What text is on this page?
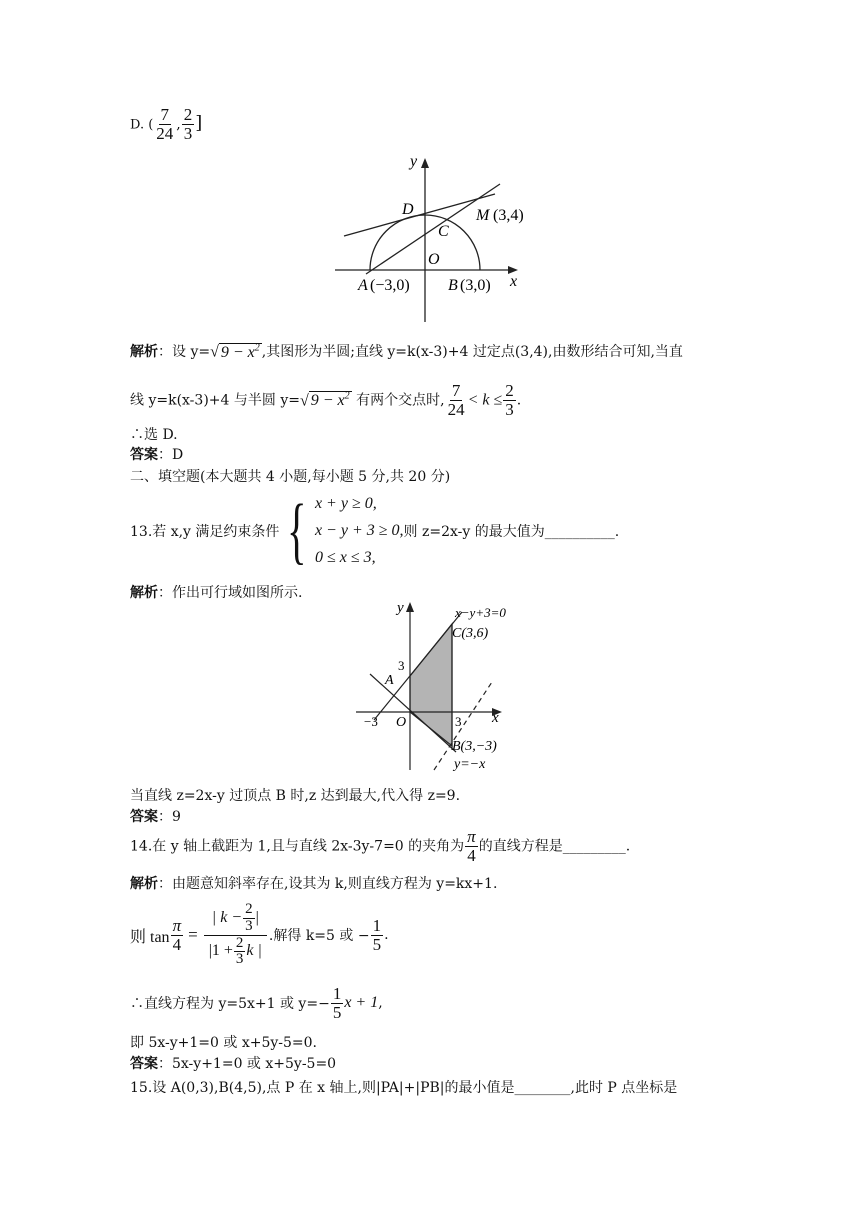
D. ( $\frac{7}{24}$ , $\frac{2}{3}$ ]
y
x
D	M (3,4)
C
O
A (−3,0) B (3,0)
解析：设 y=√ $9 - x^2$ ,其图形为半圆;直线 y=k(x-3)+4 过定点(3,4),由数形结合可知,当直
线 y=k(x-3)+4 与半圆 y=√ $9 - x^2$ 有两个交点时, $\frac{7}{24} < k \le \frac{2}{3}$ .
∴选 D.
答案：D
二、填空题(本大题共 4 小题,每小题 5 分,共 20 分)
13.若 x,y 满足约束条件 { x + y ≥ 0,
x − y + 3 ≥ 0,
0 ≤ x ≤ 3,
则 z=2x-y 的最大值为__________.
解析：作出可行域如图所示.
y
x
x−y+3=0
C(3,6)
A
3
−3 O	3
B(3,−3)
y=−x
当直线 z=2x-y 过顶点 B 时,z 达到最大,代入得 z=9.
答案：9
14.在 y 轴上截距为 1,且与直线 2x-3y-7=0 的夹角为 $\frac{\pi}{4}$ 的直线方程是_________.
解析：由题意知斜率存在,设其为 k,则直线方程为 y=kx+1.
则 $\tan \frac{\pi}{4} = \frac{| k - \frac{2}{3} |}{|1 + \frac{2}{3} k |}$ .解得 k=5 或 − $\frac{1}{5}$ .
∴直线方程为 y=5x+1 或 $y=- \frac{1}{5}$ x + 1 ,
即 5x-y+1=0 或 x+5y-5=0.
答案：5x-y+1=0 或 x+5y-5=0
15.设 A(0,3),B(4,5),点 P 在 x 轴上,则|PA|+|PB|的最小值是________,此时 P 点坐标是
